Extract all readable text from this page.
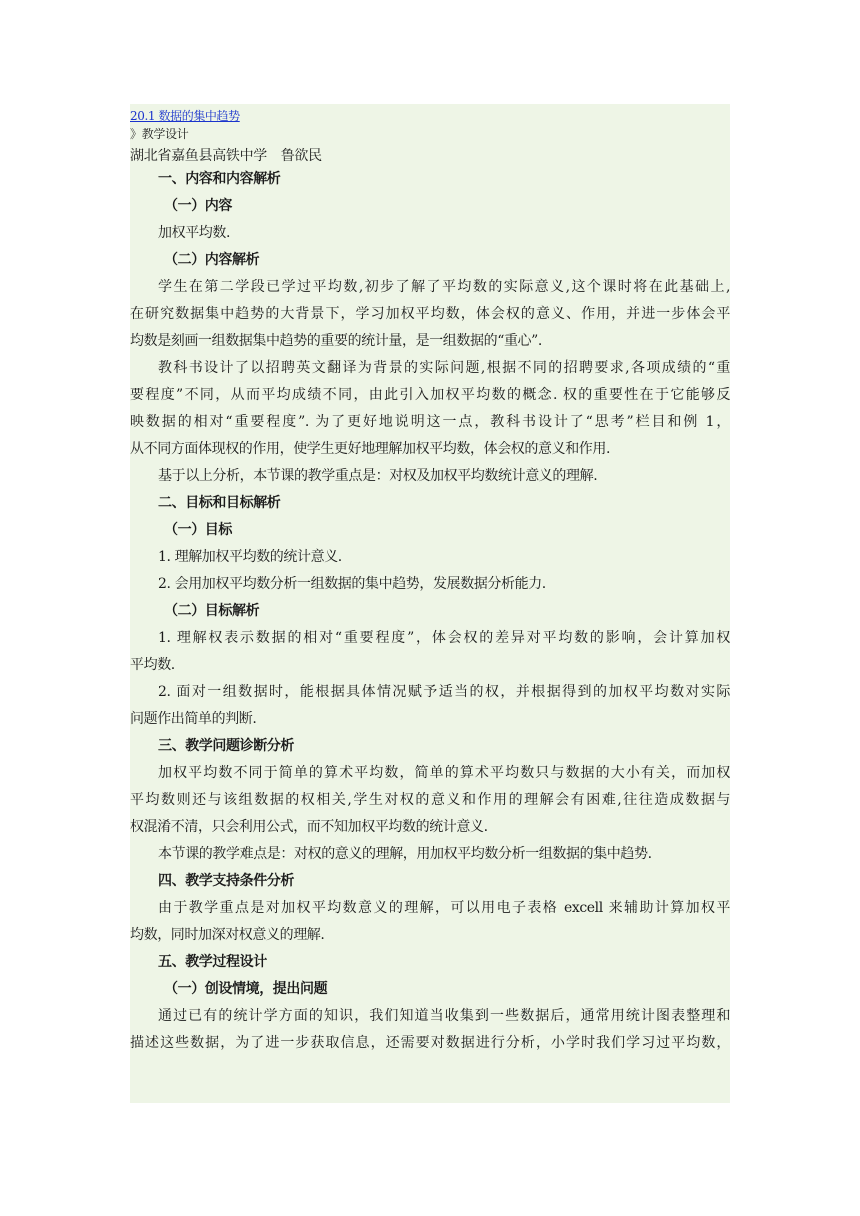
20.1 数据的集中趋势
》教学设计
湖北省嘉鱼县高铁中学　鲁欲民
一、内容和内容解析
（一）内容
加权平均数.
（二）内容解析
学生在第二学段已学过平均数,初步了解了平均数的实际意义,这个课时将在此基础上,
在研究数据集中趋势的大背景下，学习加权平均数，体会权的意义、作用，并进一步体会平
均数是刻画一组数据集中趋势的重要的统计量，是一组数据的“重心”.
教科书设计了以招聘英文翻译为背景的实际问题,根据不同的招聘要求,各项成绩的“重
要程度”不同，从而平均成绩不同，由此引入加权平均数的概念. 权的重要性在于它能够反
映数据的相对“重要程度”. 为了更好地说明这一点，教科书设计了“思考”栏目和例 1，
从不同方面体现权的作用，使学生更好地理解加权平均数，体会权的意义和作用.
基于以上分析，本节课的教学重点是：对权及加权平均数统计意义的理解.
二、目标和目标解析
（一）目标
1. 理解加权平均数的统计意义.
2. 会用加权平均数分析一组数据的集中趋势，发展数据分析能力.
（二）目标解析
1. 理解权表示数据的相对“重要程度”，体会权的差异对平均数的影响，会计算加权
平均数.
2. 面对一组数据时，能根据具体情况赋予适当的权，并根据得到的加权平均数对实际
问题作出简单的判断.
三、教学问题诊断分析
加权平均数不同于简单的算术平均数，简单的算术平均数只与数据的大小有关，而加权
平均数则还与该组数据的权相关,学生对权的意义和作用的理解会有困难,往往造成数据与
权混淆不清，只会利用公式，而不知加权平均数的统计意义.
本节课的教学难点是：对权的意义的理解，用加权平均数分析一组数据的集中趋势.
四、教学支持条件分析
由于教学重点是对加权平均数意义的理解，可以用电子表格 excell 来辅助计算加权平
均数，同时加深对权意义的理解.
五、教学过程设计
（一）创设情境，提出问题
通过已有的统计学方面的知识，我们知道当收集到一些数据后，通常用统计图表整理和
描述这些数据，为了进一步获取信息，还需要对数据进行分析，小学时我们学习过平均数，
